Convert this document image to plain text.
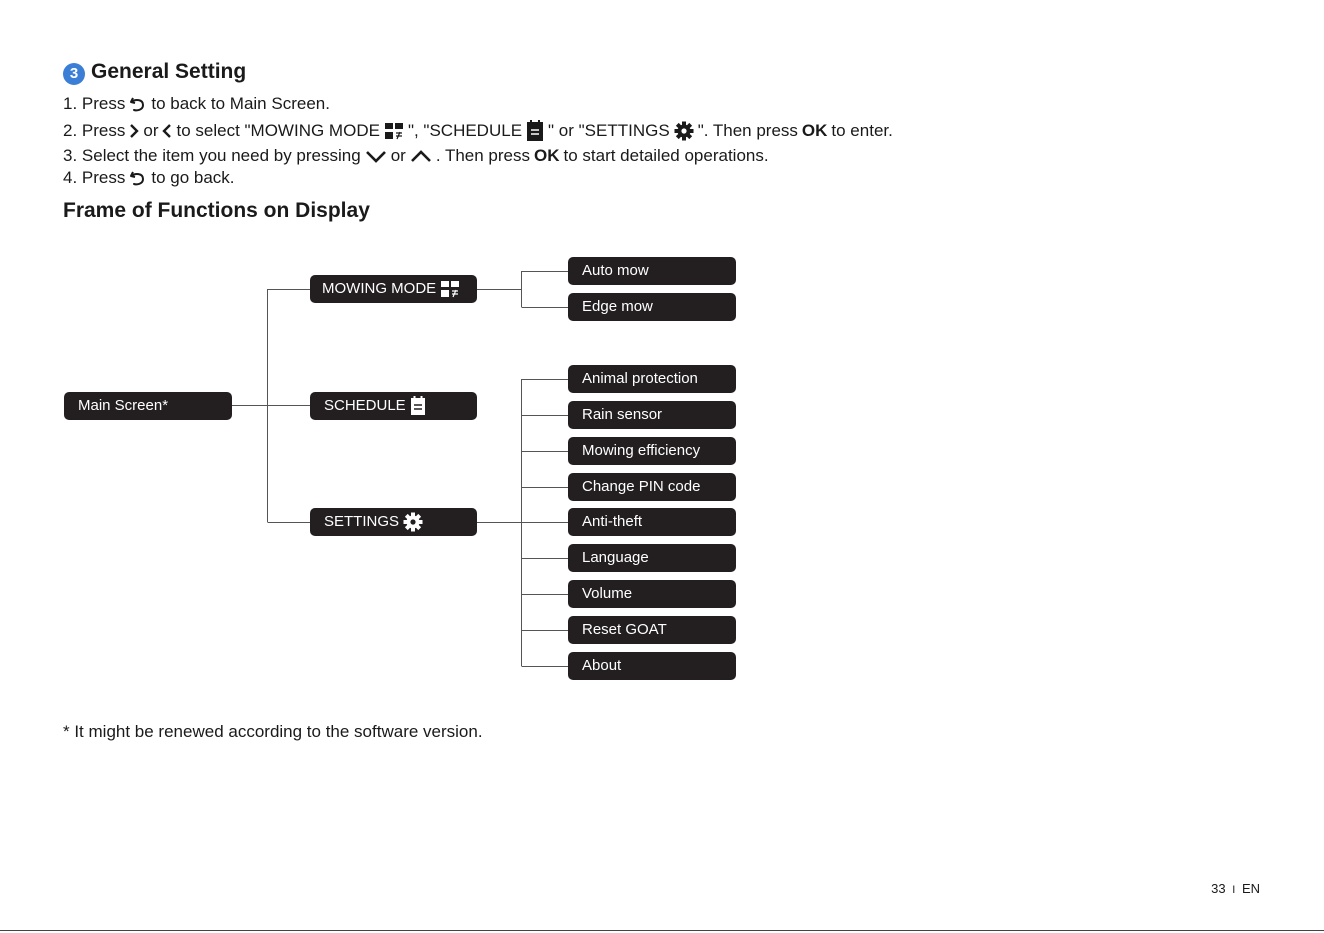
3 General Setting
1. Press to back to Main Screen.
2. Press or to select "MOWING MODE ", "SCHEDULE " or "SETTINGS ". Then press OK to enter.
3. Select the item you need by pressing or . Then press OK to start detailed operations.
4. Press to go back.
Frame of Functions on Display
Main Screen*
MOWING MODE
SCHEDULE
SETTINGS
Auto mow
Edge mow
Animal protection
Rain sensor
Mowing efficiency
Change PIN code
Anti-theft
Language
Volume
Reset GOAT
About
* It might be renewed according to the software version.
33 I EN
